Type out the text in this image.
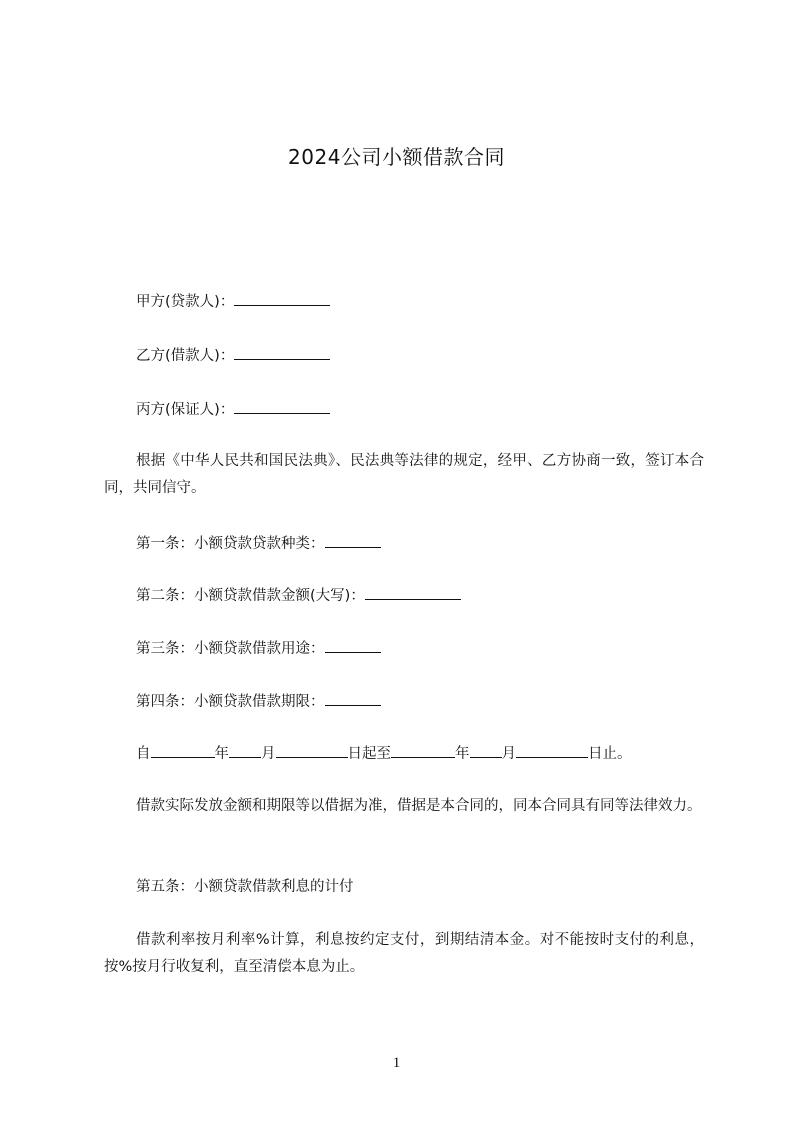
2024公司小额借款合同
甲方(贷款人)：
乙方(借款人)：
丙方(保证人)：
根据《中华人民共和国民法典》、民法典等法律的规定，经甲、乙方协商一致，签订本合同，共同信守。
第一条：小额贷款贷款种类：
第二条：小额贷款借款金额(大写)：
第三条：小额贷款借款用途：
第四条：小额贷款借款期限：
自	年 月	日起至	年 月	日止。
借款实际发放金额和期限等以借据为准，借据是本合同的，同本合同具有同等法律效力。
第五条：小额贷款借款利息的计付
借款利率按月利率%计算，利息按约定支付，到期结清本金。对不能按时支付的利息，按%按月行收复利，直至清偿本息为止。
1
